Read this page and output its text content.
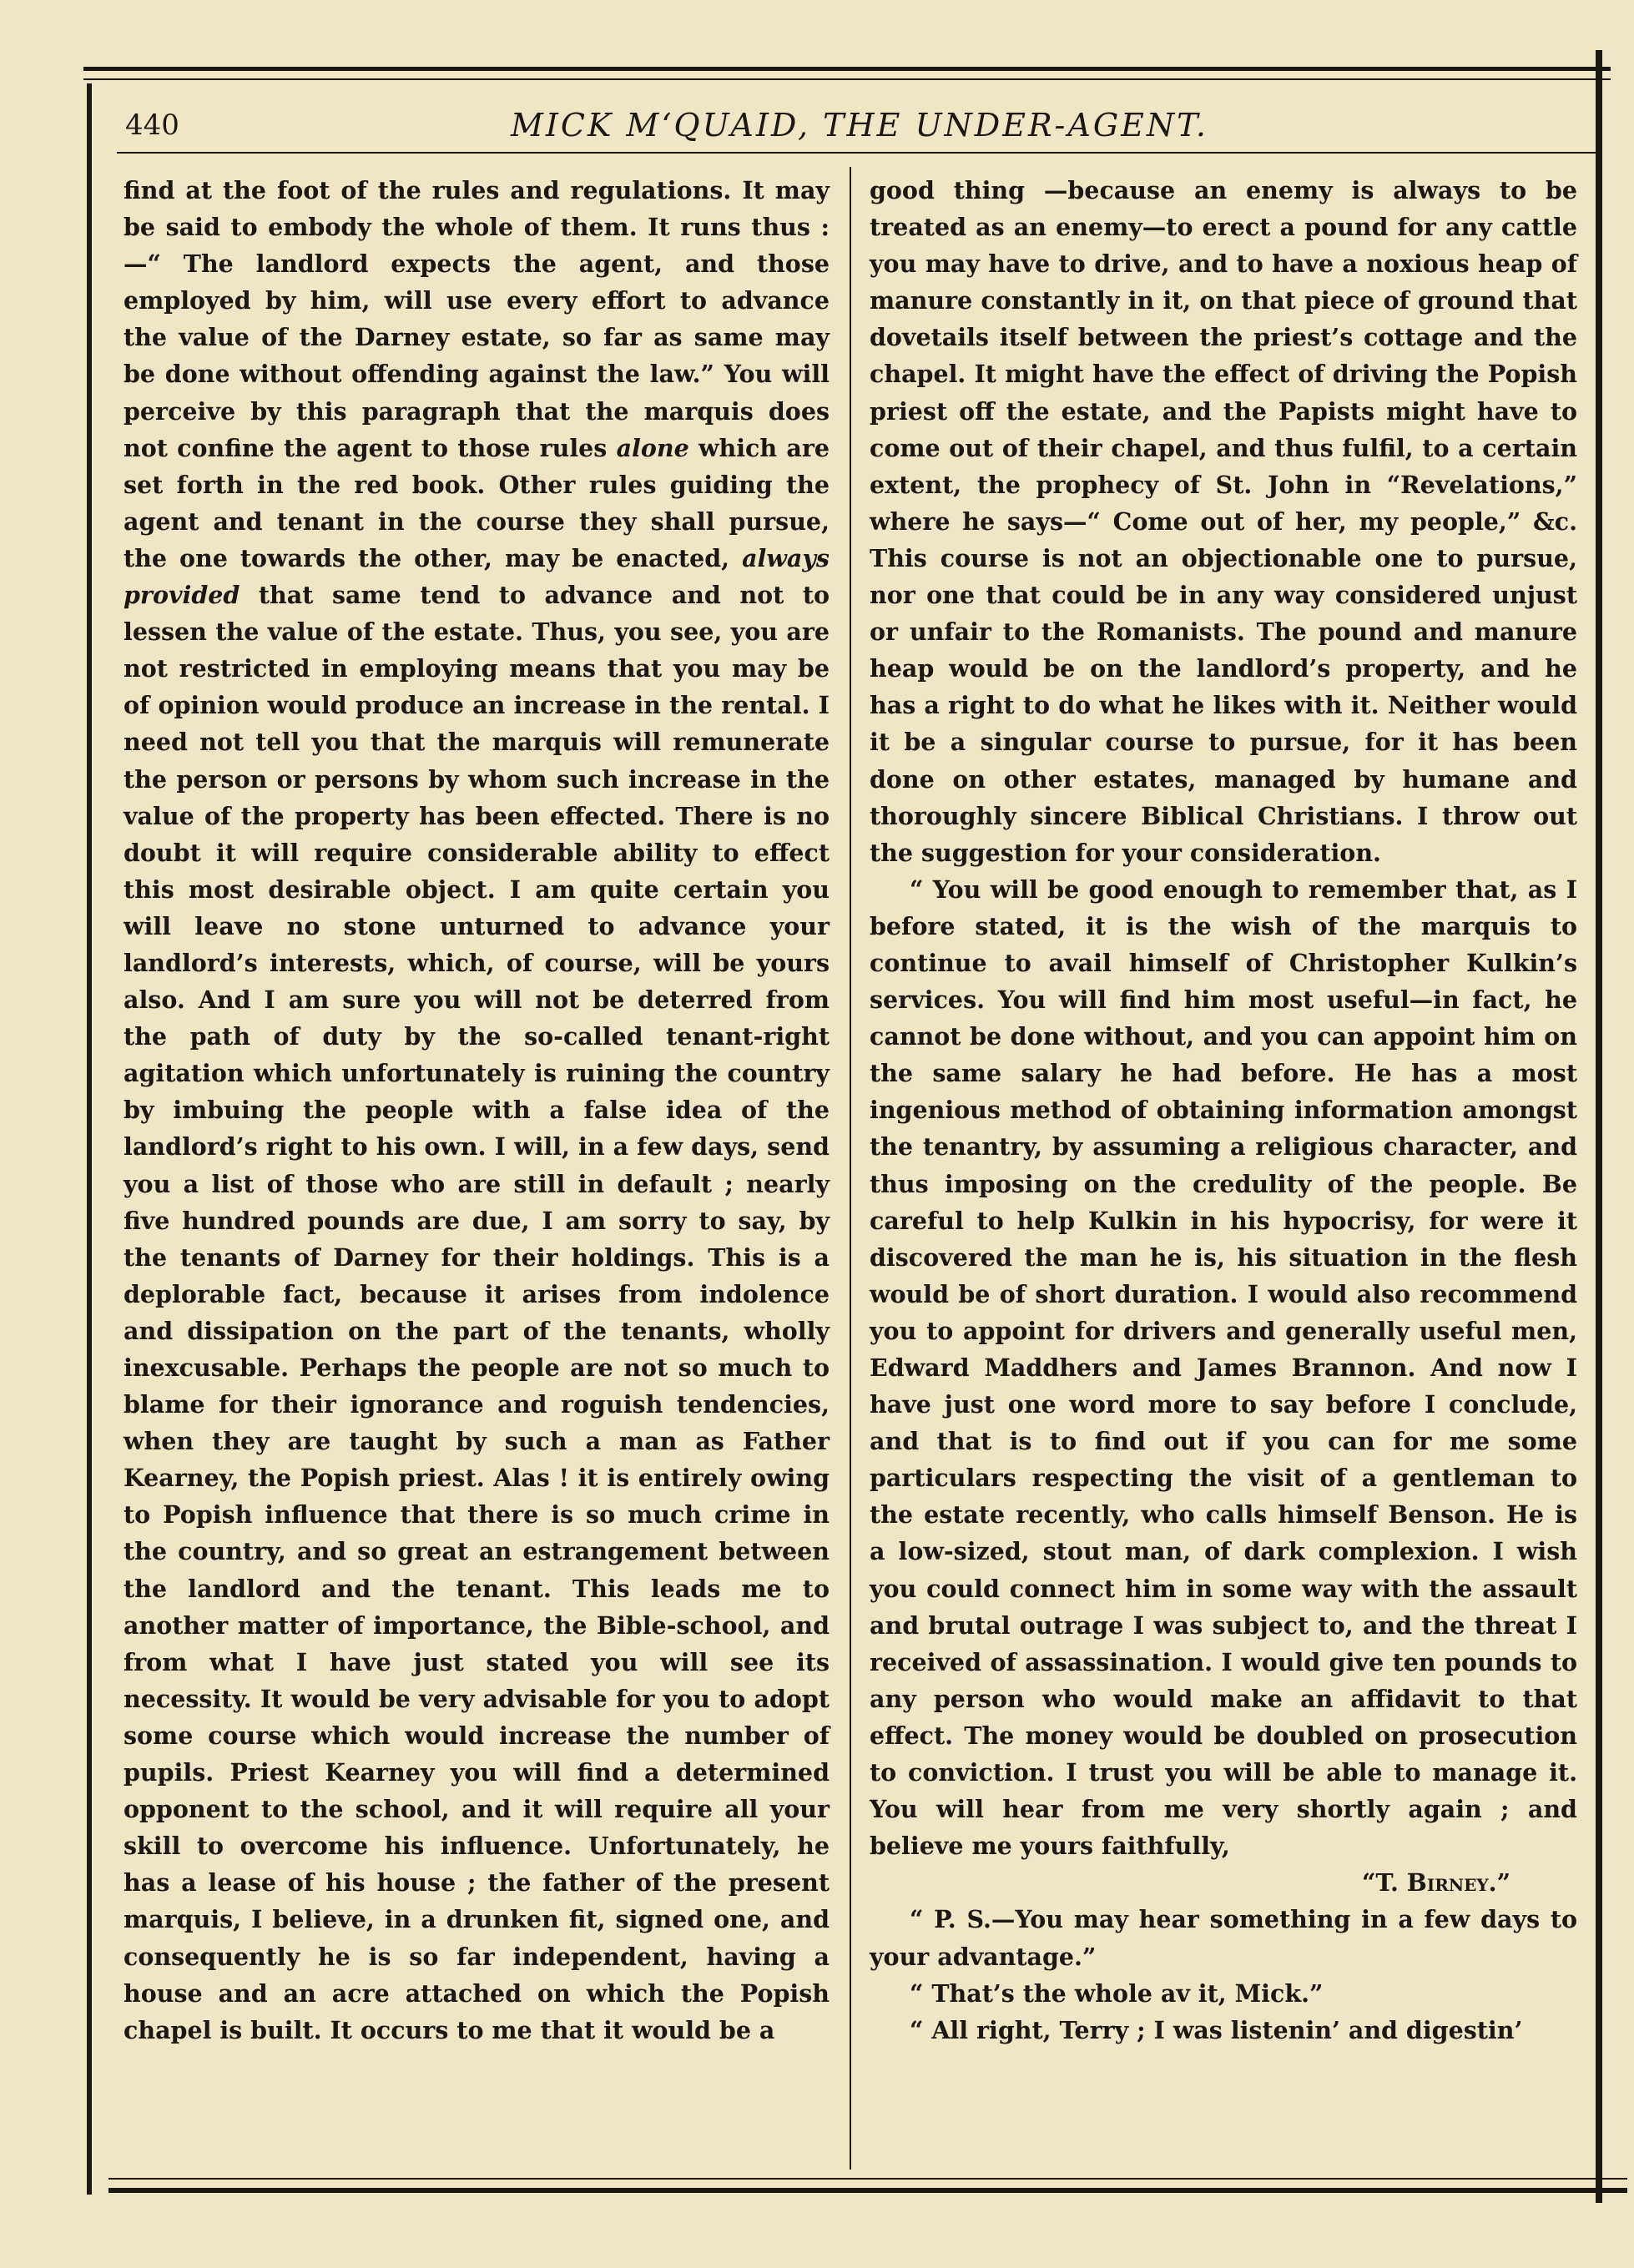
440	MICK M‘QUAID, THE UNDER-AGENT.

find at the foot of the rules and regulations. It may be said to embody the whole of them. It runs thus :—“ The landlord expects the agent, and those employed by him, will use every effort to advance the value of the Darney estate, so far as same may be done without offending against the law.” You will perceive by this paragraph that the marquis does not confine the agent to those rules alone which are set forth in the red book. Other rules guiding the agent and tenant in the course they shall pursue, the one towards the other, may be enacted, always provided that same tend to advance and not to lessen the value of the estate. Thus, you see, you are not restricted in employing means that you may be of opinion would produce an increase in the rental. I need not tell you that the marquis will remunerate the person or persons by whom such increase in the value of the property has been effected. There is no doubt it will require considerable ability to effect this most desirable object. I am quite certain you will leave no stone unturned to advance your landlord’s interests, which, of course, will be yours also. And I am sure you will not be deterred from the path of duty by the so-called tenant-right agitation which unfortunately is ruining the country by imbuing the people with a false idea of the landlord’s right to his own. I will, in a few days, send you a list of those who are still in default ; nearly five hundred pounds are due, I am sorry to say, by the tenants of Darney for their holdings. This is a deplorable fact, because it arises from indolence and dissipation on the part of the tenants, wholly inexcusable. Perhaps the people are not so much to blame for their ignorance and roguish tendencies, when they are taught by such a man as Father Kearney, the Popish priest. Alas ! it is entirely owing to Popish influence that there is so much crime in the country, and so great an estrangement between the landlord and the tenant. This leads me to another matter of importance, the Bible-school, and from what I have just stated you will see its necessity. It would be very advisable for you to adopt some course which would increase the number of pupils. Priest Kearney you will find a determined opponent to the school, and it will require all your skill to overcome his influence. Unfortunately, he has a lease of his house ; the father of the present marquis, I believe, in a drunken fit, signed one, and consequently he is so far independent, having a house and an acre attached on which the Popish chapel is built. It occurs to me that it would be a

good thing —because an enemy is always to be treated as an enemy—to erect a pound for any cattle you may have to drive, and to have a noxious heap of manure constantly in it, on that piece of ground that dovetails itself between the priest’s cottage and the chapel. It might have the effect of driving the Popish priest off the estate, and the Papists might have to come out of their chapel, and thus fulfil, to a certain extent, the prophecy of St. John in “Revelations,” where he says—“ Come out of her, my people,” &c. This course is not an objectionable one to pursue, nor one that could be in any way considered unjust or unfair to the Romanists. The pound and manure heap would be on the landlord’s property, and he has a right to do what he likes with it. Neither would it be a singular course to pursue, for it has been done on other estates, managed by humane and thoroughly sincere Biblical Christians. I throw out the suggestion for your consideration.

“ You will be good enough to remember that, as I before stated, it is the wish of the marquis to continue to avail himself of Christopher Kulkin’s services. You will find him most useful—in fact, he cannot be done without, and you can appoint him on the same salary he had before. He has a most ingenious method of obtaining information amongst the tenantry, by assuming a religious character, and thus imposing on the credulity of the people. Be careful to help Kulkin in his hypocrisy, for were it discovered the man he is, his situation in the flesh would be of short duration. I would also recommend you to appoint for drivers and generally useful men, Edward Maddhers and James Brannon. And now I have just one word more to say before I conclude, and that is to find out if you can for me some particulars respecting the visit of a gentleman to the estate recently, who calls himself Benson. He is a low-sized, stout man, of dark complexion. I wish you could connect him in some way with the assault and brutal outrage I was subject to, and the threat I received of assassination. I would give ten pounds to any person who would make an affidavit to that effect. The money would be doubled on prosecution to conviction. I trust you will be able to manage it. You will hear from me very shortly again ; and believe me yours faithfully,

“T. Birney.”

“ P. S.—You may hear something in a few days to your advantage.”

“ That’s the whole av it, Mick.”

“ All right, Terry ; I was listenin’ and digestin’
